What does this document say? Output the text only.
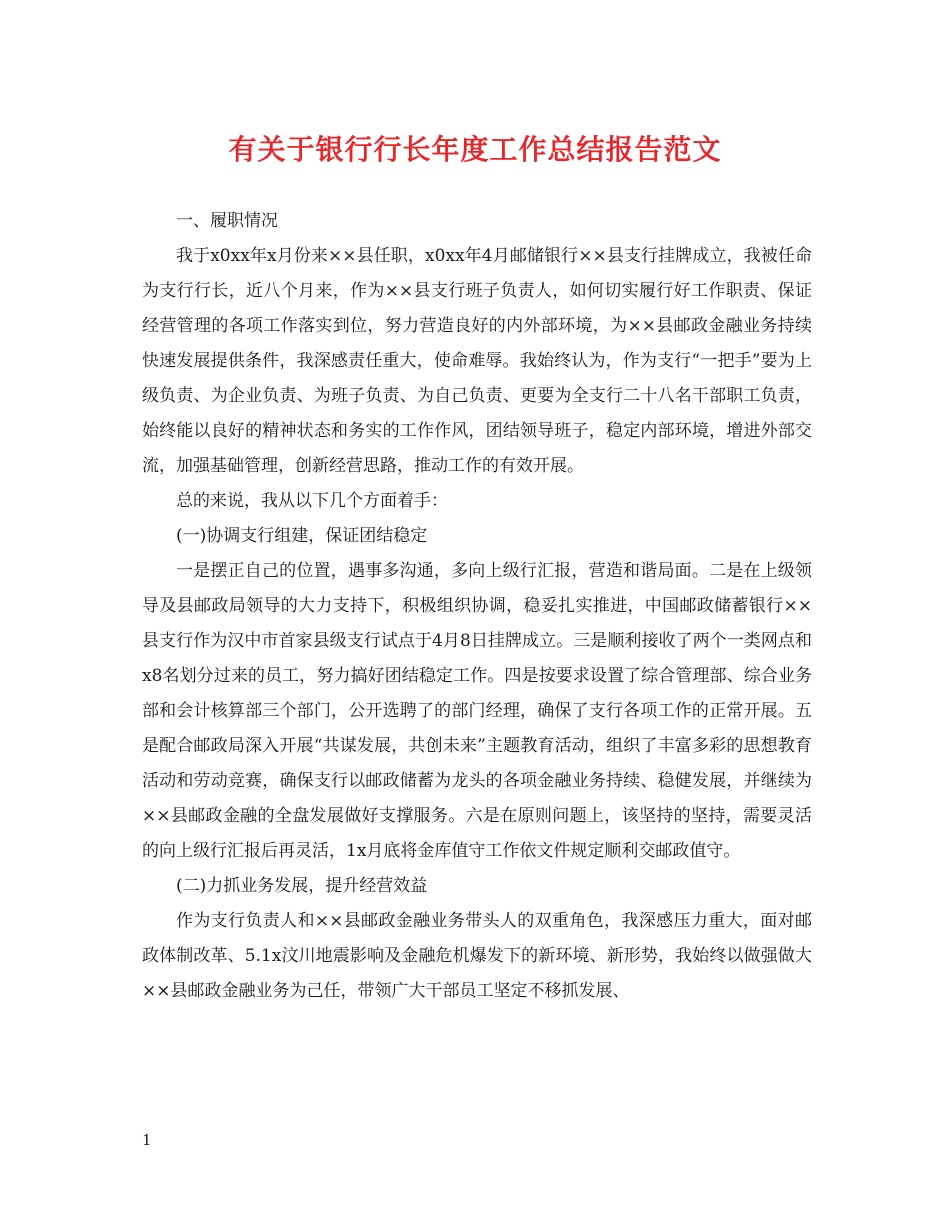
有关于银行行长年度工作总结报告范文

一、履职情况

我于x0xx年x月份来××县任职，x0xx年4月邮储银行××县支行挂牌成立，我被任命为支行行长，近八个月来，作为××县支行班子负责人，如何切实履行好工作职责、保证经营管理的各项工作落实到位，努力营造良好的内外部环境，为××县邮政金融业务持续快速发展提供条件，我深感责任重大，使命难辱。我始终认为，作为支行“一把手”要为上级负责、为企业负责、为班子负责、为自己负责、更要为全支行二十八名干部职工负责，始终能以良好的精神状态和务实的工作作风，团结领导班子，稳定内部环境，增进外部交流，加强基础管理，创新经营思路，推动工作的有效开展。

总的来说，我从以下几个方面着手：

(一)协调支行组建，保证团结稳定

一是摆正自己的位置，遇事多沟通，多向上级行汇报，营造和谐局面。二是在上级领导及县邮政局领导的大力支持下，积极组织协调，稳妥扎实推进，中国邮政储蓄银行××县支行作为汉中市首家县级支行试点于4月8日挂牌成立。三是顺利接收了两个一类网点和x8名划分过来的员工，努力搞好团结稳定工作。四是按要求设置了综合管理部、综合业务部和会计核算部三个部门，公开选聘了的部门经理，确保了支行各项工作的正常开展。五是配合邮政局深入开展“共谋发展，共创未来”主题教育活动，组织了丰富多彩的思想教育活动和劳动竞赛，确保支行以邮政储蓄为龙头的各项金融业务持续、稳健发展，并继续为××县邮政金融的全盘发展做好支撑服务。六是在原则问题上，该坚持的坚持，需要灵活的向上级行汇报后再灵活，1x月底将金库值守工作依文件规定顺利交邮政值守。

(二)力抓业务发展，提升经营效益

作为支行负责人和××县邮政金融业务带头人的双重角色，我深感压力重大，面对邮政体制改革、5.1x汶川地震影响及金融危机爆发下的新环境、新形势，我始终以做强做大××县邮政金融业务为己任，带领广大干部员工坚定不移抓发展、

1
